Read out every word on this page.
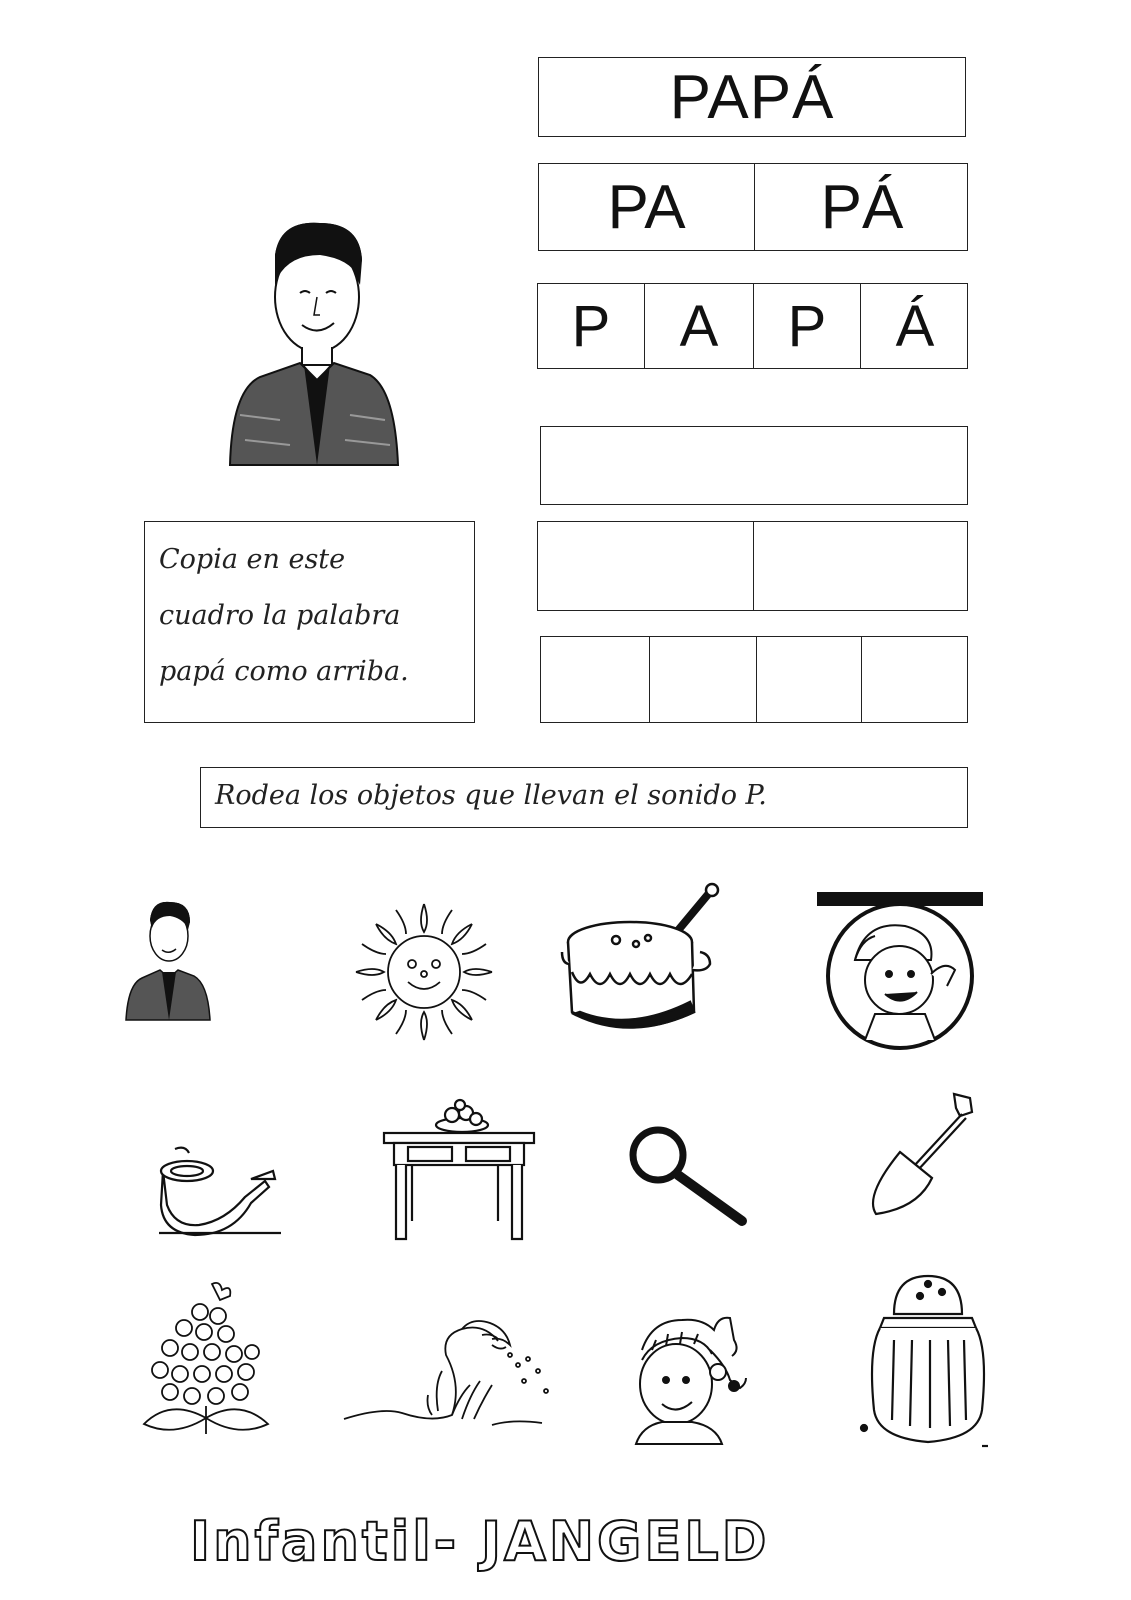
PAPÁ
PA	PÁ
P	A	P	Á
Copia en este
cuadro la palabra
papá como arriba.
Rodea los objetos que llevan el sonido P.
Infantil- JANGELD
